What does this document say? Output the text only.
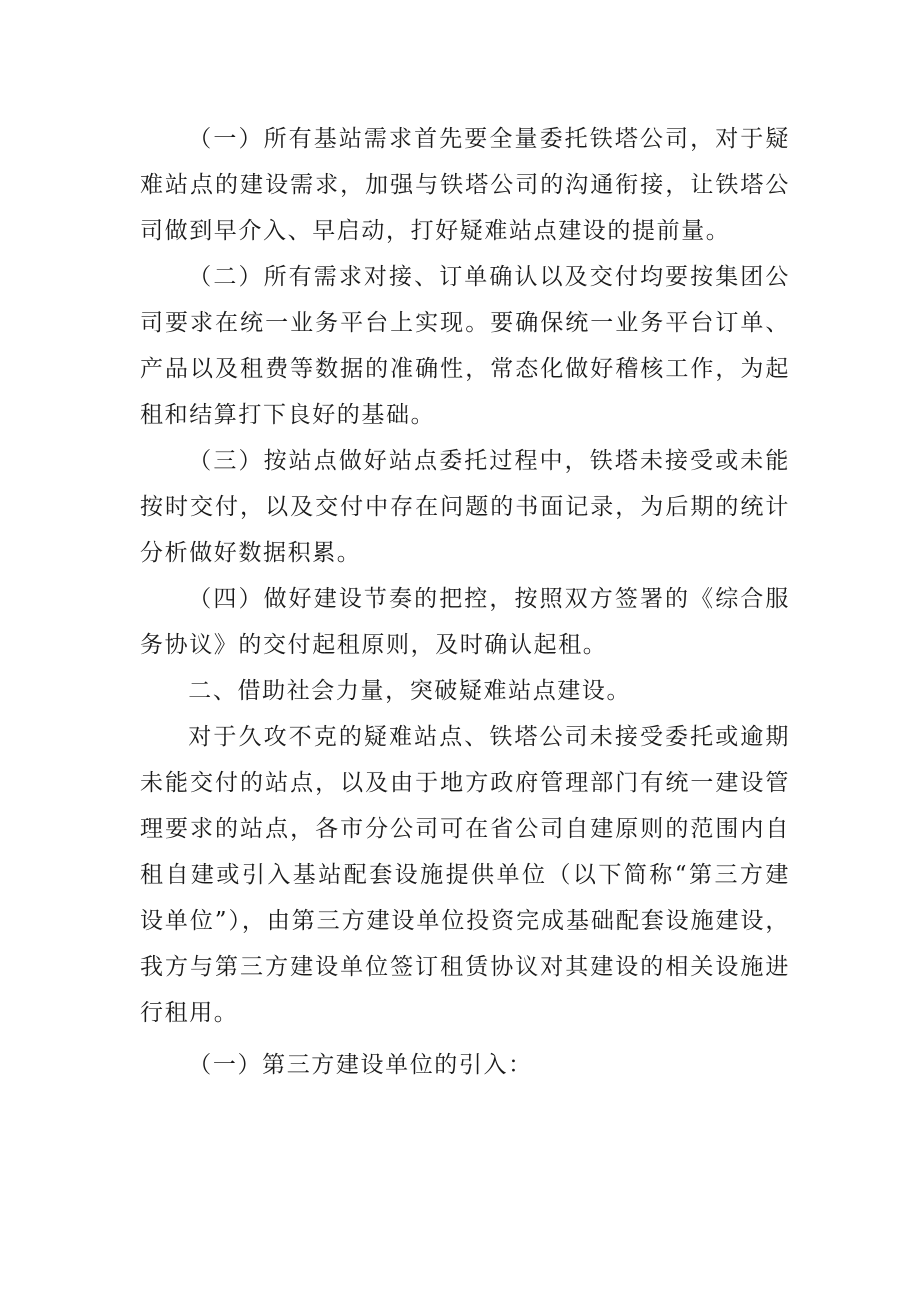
（一）所有基站需求首先要全量委托铁塔公司，对于疑难站点的建设需求，加强与铁塔公司的沟通衔接，让铁塔公司做到早介入、早启动，打好疑难站点建设的提前量。

（二）所有需求对接、订单确认以及交付均要按集团公司要求在统一业务平台上实现。要确保统一业务平台订单、产品以及租费等数据的准确性，常态化做好稽核工作，为起租和结算打下良好的基础。

（三）按站点做好站点委托过程中，铁塔未接受或未能按时交付，以及交付中存在问题的书面记录，为后期的统计分析做好数据积累。

（四）做好建设节奏的把控，按照双方签署的《综合服务协议》的交付起租原则，及时确认起租。

二、借助社会力量，突破疑难站点建设。

对于久攻不克的疑难站点、铁塔公司未接受委托或逾期未能交付的站点，以及由于地方政府管理部门有统一建设管理要求的站点，各市分公司可在省公司自建原则的范围内自租自建或引入基站配套设施提供单位（以下简称“第三方建设单位”），由第三方建设单位投资完成基础配套设施建设，我方与第三方建设单位签订租赁协议对其建设的相关设施进行租用。

（一）第三方建设单位的引入：
